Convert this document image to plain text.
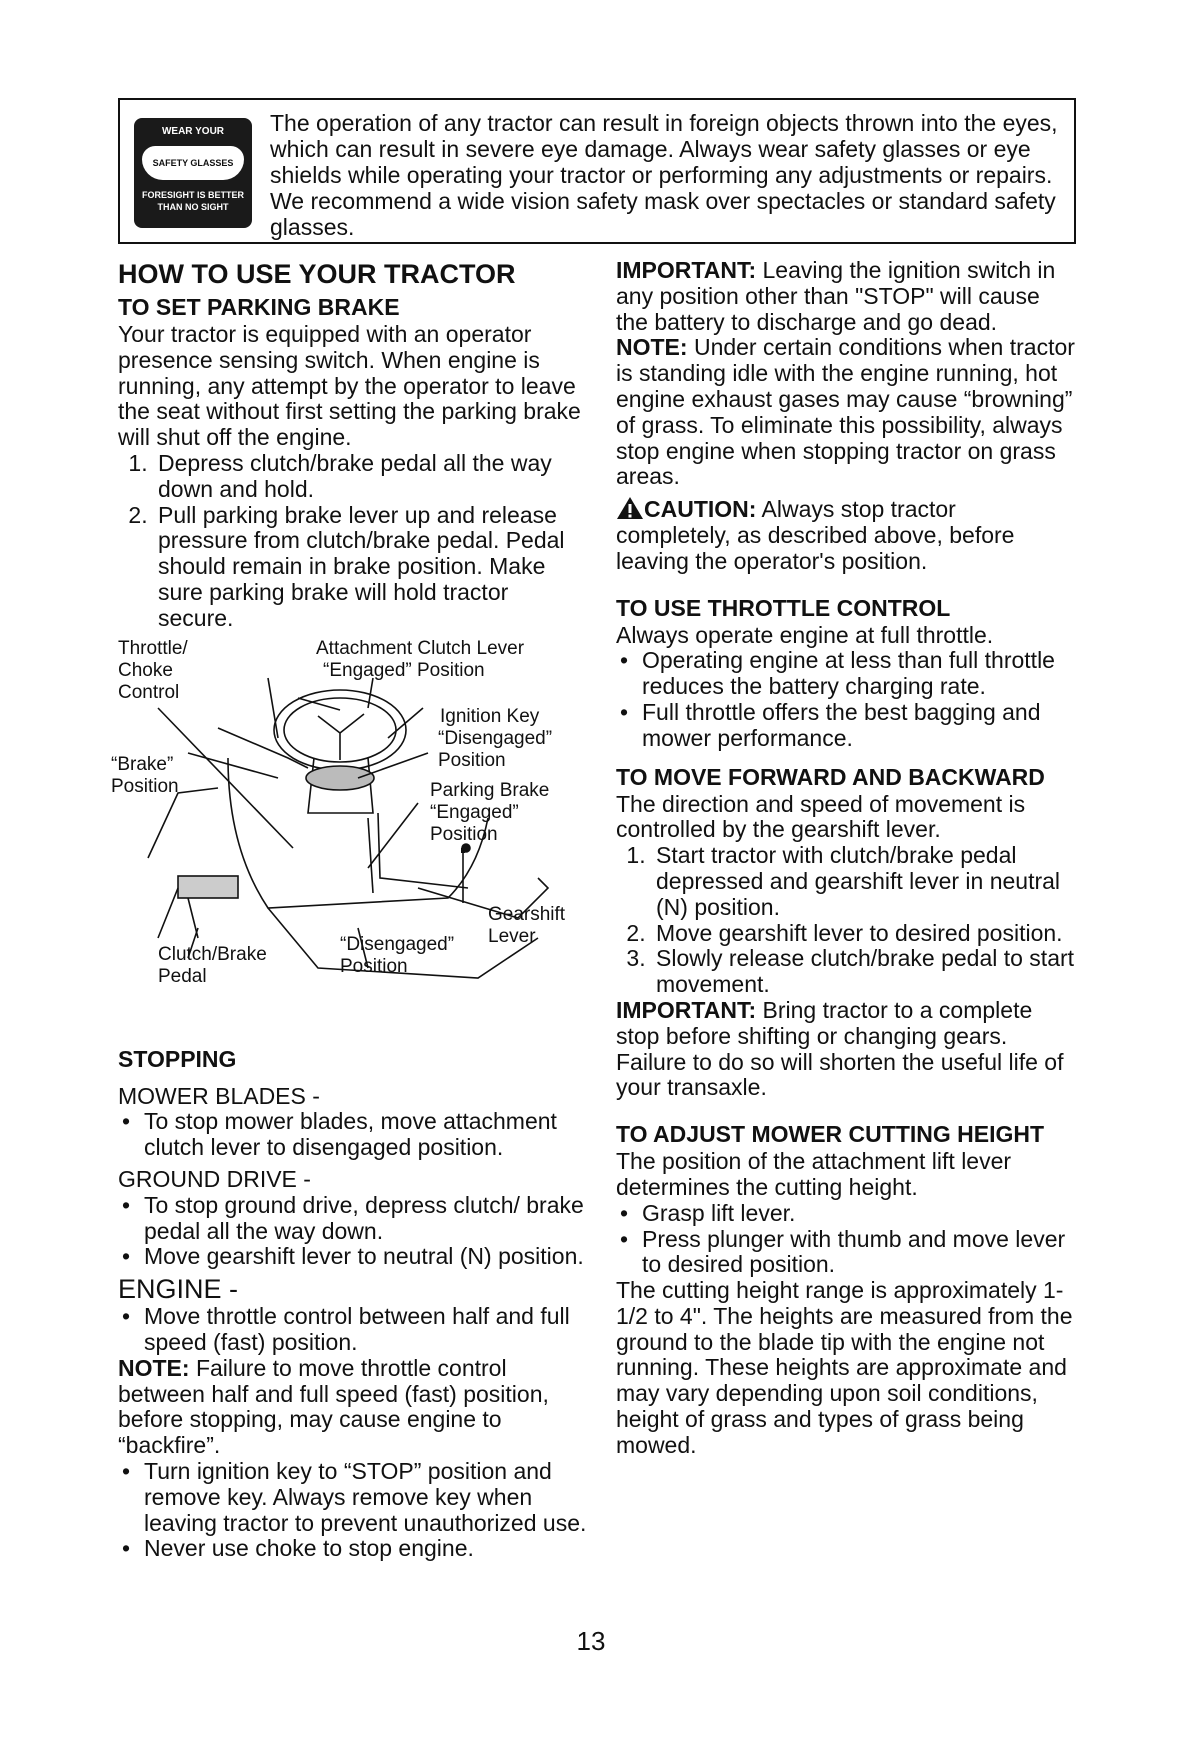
WEAR YOUR
SAFETY GLASSES
FORESIGHT IS BETTER
THAN NO SIGHT
The operation of any tractor can result in foreign objects thrown into the eyes, which can result in severe eye damage. Always wear safety glasses or eye shields while operating your tractor or performing any adjustments or repairs. We recommend a wide vision safety mask over spectacles or standard safety glasses.
HOW TO USE YOUR TRACTOR
TO SET PARKING BRAKE

Your tractor is equipped with an operator presence sensing switch. When engine is running, any attempt by the operator to leave the seat without first setting the parking brake will shut off the engine.

1. Depress clutch/brake pedal all the way down and hold.
2. Pull parking brake lever up and release pressure from clutch/brake pedal. Pedal should remain in brake position. Make sure parking brake will hold tractor secure.
Throttle/
Choke
Control
Attachment Clutch Lever
“Engaged” Position
Ignition Key
“Disengaged”
Position
“Brake”
Position	Parking Brake
“Engaged”
Position
Gearshift
Lever
Clutch/Brake
Pedal
“Disengaged”
Position
STOPPING

MOWER BLADES -

• To stop mower blades, move attachment clutch lever to disengaged position.

GROUND DRIVE -

• To stop ground drive, depress clutch/ brake pedal all the way down.
• Move gearshift lever to neutral (N) position.

ENGINE -

• Move throttle control between half and full speed (fast) position.

NOTE: Failure to move throttle control between half and full speed (fast) position, before stopping, may cause engine to “backfire”.

• Turn ignition key to “STOP” position and remove key. Always remove key when leaving tractor to prevent unauthorized use.
• Never use choke to stop engine.

IMPORTANT: Leaving the ignition switch in any position other than "STOP" will cause the battery to discharge and go dead.

NOTE: Under certain conditions when tractor is standing idle with the engine running, hot engine exhaust gases may cause “browning” of grass. To eliminate this possibility, always stop engine when stopping tractor on grass areas.

CAUTION: Always stop tractor completely, as described above, before leaving the operator's position.

TO USE THROTTLE CONTROL

Always operate engine at full throttle.

• Operating engine at less than full throttle reduces the battery charging rate.
• Full throttle offers the best bagging and mower performance.
TO MOVE FORWARD AND BACKWARD

The direction and speed of movement is controlled by the gearshift lever.

1. Start tractor with clutch/brake pedal depressed and gearshift lever in neutral (N) position.
2. Move gearshift lever to desired position.
3. Slowly release clutch/brake pedal to start movement.

IMPORTANT: Bring tractor to a complete stop before shifting or changing gears. Failure to do so will shorten the useful life of your transaxle.

TO ADJUST MOWER CUTTING HEIGHT

The position of the attachment lift lever determines the cutting height.

• Grasp lift lever.
• Press plunger with thumb and move lever to desired position.

The cutting height range is approximately 1-1/2 to 4". The heights are measured from the ground to the blade tip with the engine not running. These heights are approximate and may vary depending upon soil conditions, height of grass and types of grass being mowed.

13
